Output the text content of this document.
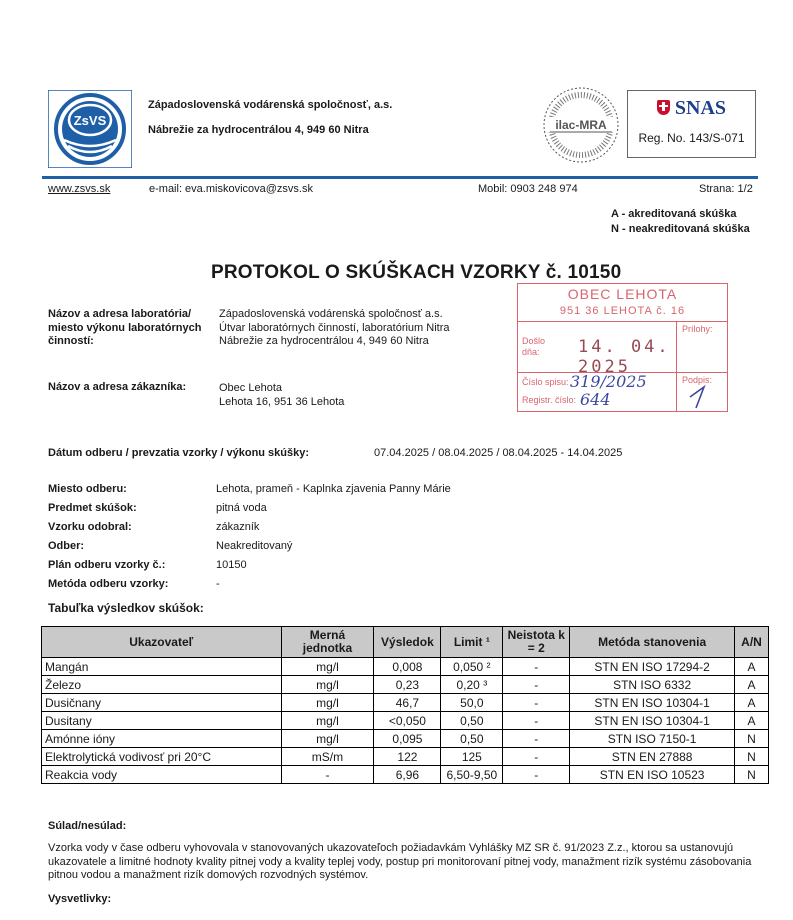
ZsVS
Západoslovenská vodárenská spoločnosť, a.s.
Nábrežie za hydrocentrálou 4, 949 60 Nitra	ilac-MRA
SNAS
Reg. No. 143/S-071
www.zsvs.sk	e-mail: eva.miskovicova@zsvs.sk	Mobil: 0903 248 974	Strana: 1/2
A - akreditovaná skúška
N - neakreditovaná skúška
PROTOKOL O SKÚŠKACH VZORKY č. 10150
OBEC LEHOTA
951 36 LEHOTA č. 16
Prílohy:
Došlo dňa:	14. 04. 2025
Číslo spisu: 319/2025
Registr. číslo: 644
Podpis:
Názov a adresa laboratória/
miesto výkonu laboratórnych
činností:
Západoslovenská vodárenská spoločnosť a.s.
Útvar laboratórnych činností, laboratórium Nitra
Nábrežie za hydrocentrálou 4, 949 60 Nitra
Názov a adresa zákazníka:	Obec Lehota
Lehota 16, 951 36 Lehota
Dátum odberu / prevzatia vzorky / výkonu skúšky:	07.04.2025 / 08.04.2025 / 08.04.2025 - 14.04.2025
Miesto odberu:	Lehota, prameň - Kaplnka zjavenia Panny Márie
Predmet skúšok:	pitná voda
Vzorku odobral:	zákazník
Odber:	Neakreditovaný
Plán odberu vzorky č.:	10150
Metóda odberu vzorky:	-
Tabuľka výsledkov skúšok:
Ukazovateľ	Merná jednotka	Výsledok	Limit ¹	Neistota k = 2	Metóda stanovenia	A/N
Mangán	mg/l	0,008	0,050 ²	-	STN EN ISO 17294-2	A
Železo	mg/l	0,23	0,20 ³	-	STN ISO 6332	A
Dusičnany	mg/l	46,7	50,0	-	STN EN ISO 10304-1	A
Dusitany	mg/l	<0,050	0,50	-	STN EN ISO 10304-1	A
Amónne ióny	mg/l	0,095	0,50	-	STN ISO 7150-1	N
Elektrolytická vodivosť pri 20°C	mS/m	122	125	-	STN EN 27888	N
Reakcia vody	-	6,96	6,50-9,50	-	STN EN ISO 10523	N
Súlad/nesúlad:
Vzorka vody v čase odberu vyhovovala v stanovovaných ukazovateľoch požiadavkám Vyhlášky MZ SR č. 91/2023 Z.z., ktorou sa ustanovujú ukazovatele a limitné hodnoty kvality pitnej vody a kvality teplej vody, postup pri monitorovaní pitnej vody, manažment rizík systému zásobovania pitnou vodou a manažment rizík domových rozvodných systémov.
Vysvetlivky:
